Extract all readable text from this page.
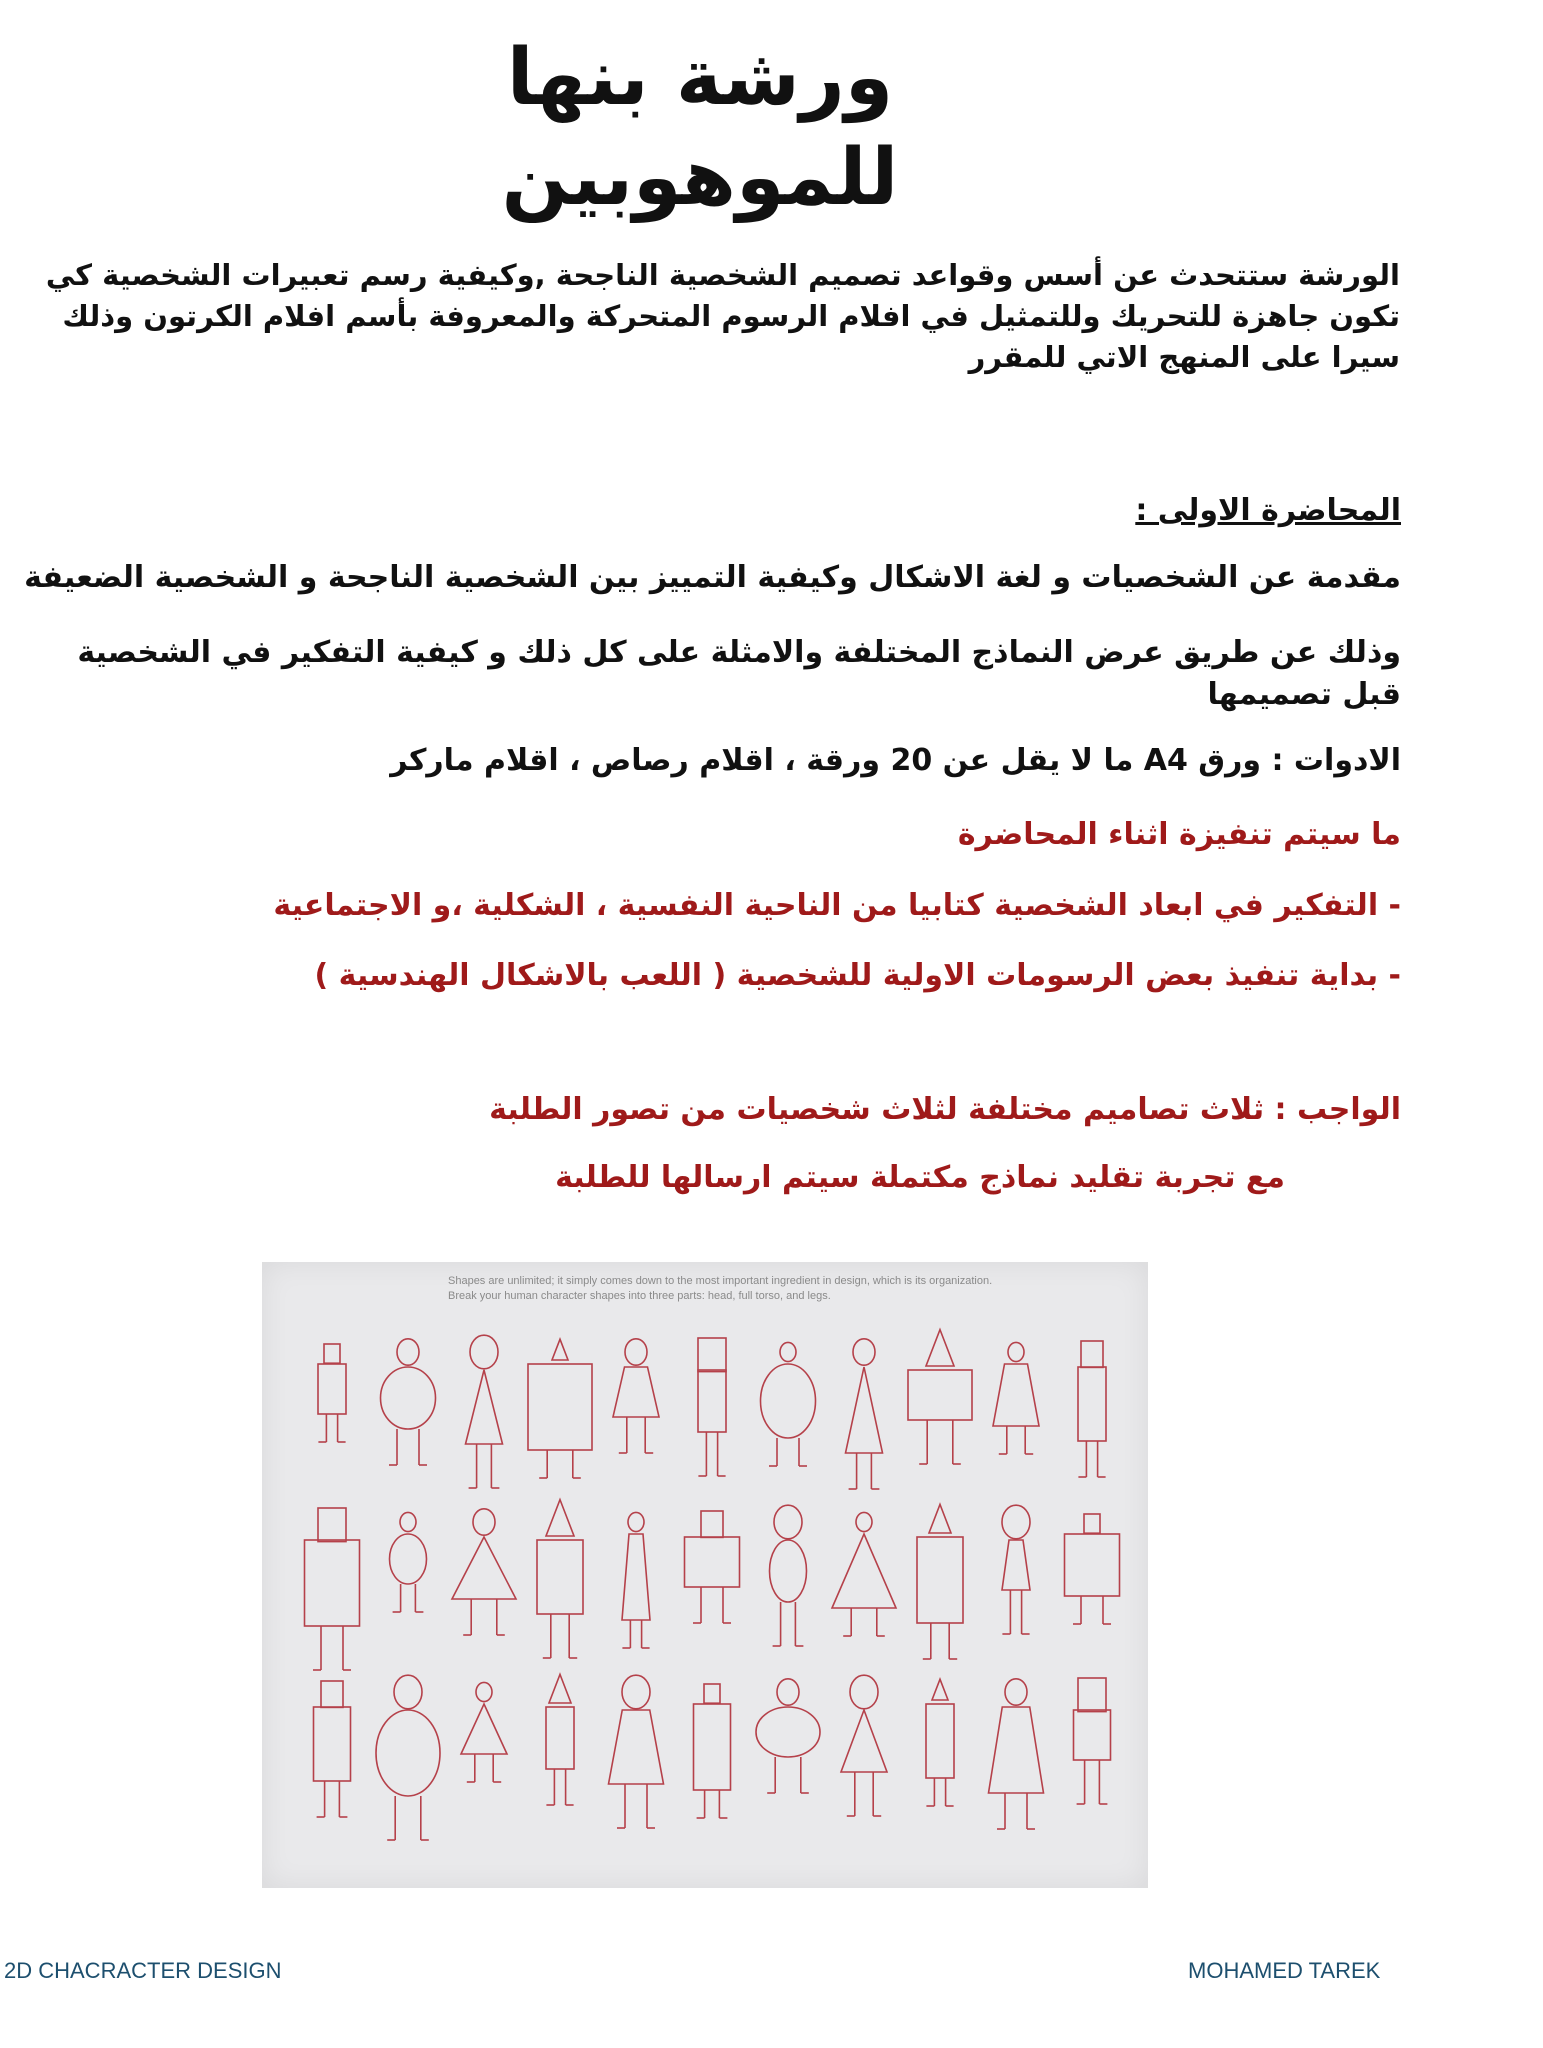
ورشة بنها للموهوبين
الورشة ستتحدث عن أسس وقواعد تصميم الشخصية الناجحة ,وكيفية رسم تعبيرات الشخصية كي تكون جاهزة للتحريك وللتمثيل في افلام الرسوم المتحركة والمعروفة بأسم افلام الكرتون وذلك سيرا على المنهج الاتي للمقرر
المحاضرة الاولى :
مقدمة عن الشخصيات و لغة الاشكال وكيفية التمييز بين الشخصية الناجحة و الشخصية الضعيفة
وذلك عن طريق عرض النماذج المختلفة والامثلة على كل ذلك و كيفية التفكير في الشخصية قبل تصميمها
الادوات : ورق A4 ما لا يقل عن 20 ورقة ، اقلام رصاص ، اقلام ماركر
ما سيتم تنفيزة اثناء المحاضرة
- التفكير في ابعاد الشخصية كتابيا من الناحية النفسية ، الشكلية ،و الاجتماعية
- بداية تنفيذ بعض الرسومات الاولية للشخصية ( اللعب بالاشكال الهندسية )
الواجب : ثلاث تصاميم مختلفة لثلاث شخصيات من تصور الطلبة
مع تجربة تقليد نماذج مكتملة سيتم ارسالها للطلبة
Shapes are unlimited; it simply comes down to the most important ingredient in design, which is its organization. Break your human character shapes into three parts: head, full torso, and legs.
2D CHACRACTER DESIGN	MOHAMED TAREK
